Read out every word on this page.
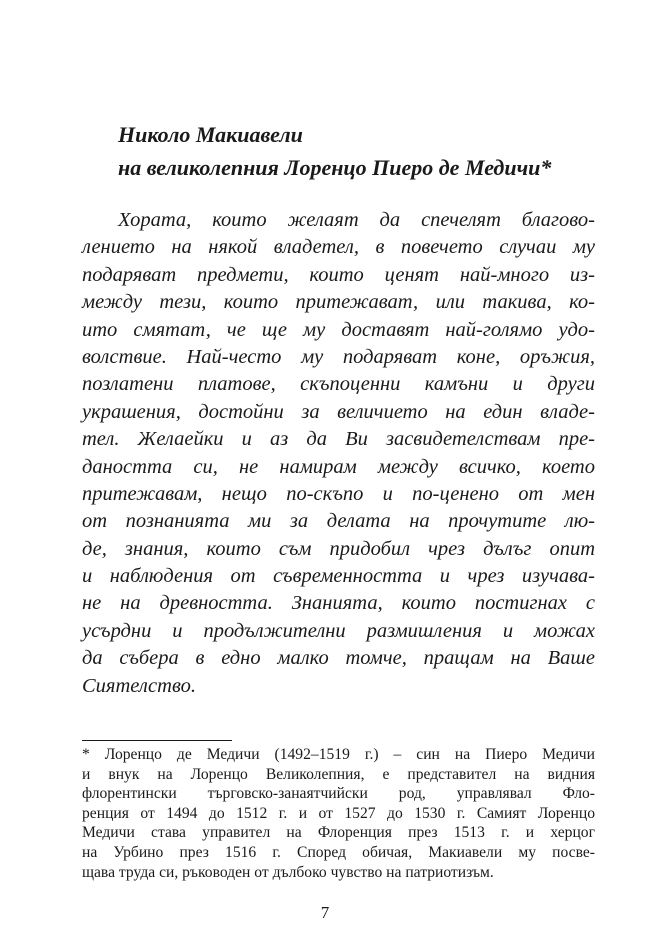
Николо Макиавели
на великолепния Лоренцо Пиеро де Медичи*
Хората, които желаят да спечелят благово-
лението на някой владетел, в повечето случаи му
подаряват предмети, които ценят най-много из-
между тези, които притежават, или такива, ко-
ито смятат, че ще му доставят най-голямо удо-
волствие. Най-често му подаряват коне, оръжия,
позлатени платове, скъпоценни камъни и други
украшения, достойни за величието на един владе-
тел. Желаейки и аз да Ви засвидетелствам пре-
даността си, не намирам между всичко, което
притежавам, нещо по-скъпо и по-ценено от мен
от познанията ми за делата на прочутите лю-
де, знания, които съм придобил чрез дълъг опит
и наблюдения от съвременността и чрез изучава-
не на древността. Знанията, които постигнах с
усърдни и продължителни размишления и можах
да събера в едно малко томче, пращам на Ваше
Сиятелство.
* Лоренцо де Медичи (1492–1519 г.) – син на Пиеро Медичи
и внук на Лоренцо Великолепния, е представител на видния
флорентински търговско-занаятчийски род, управлявал Фло-
ренция от 1494 до 1512 г. и от 1527 до 1530 г. Самият Лоренцо
Медичи става управител на Флоренция през 1513 г. и херцог
на Урбино през 1516 г. Според обичая, Макиавели му посве-
щава труда си, ръководен от дълбоко чувство на патриотизъм.
7
